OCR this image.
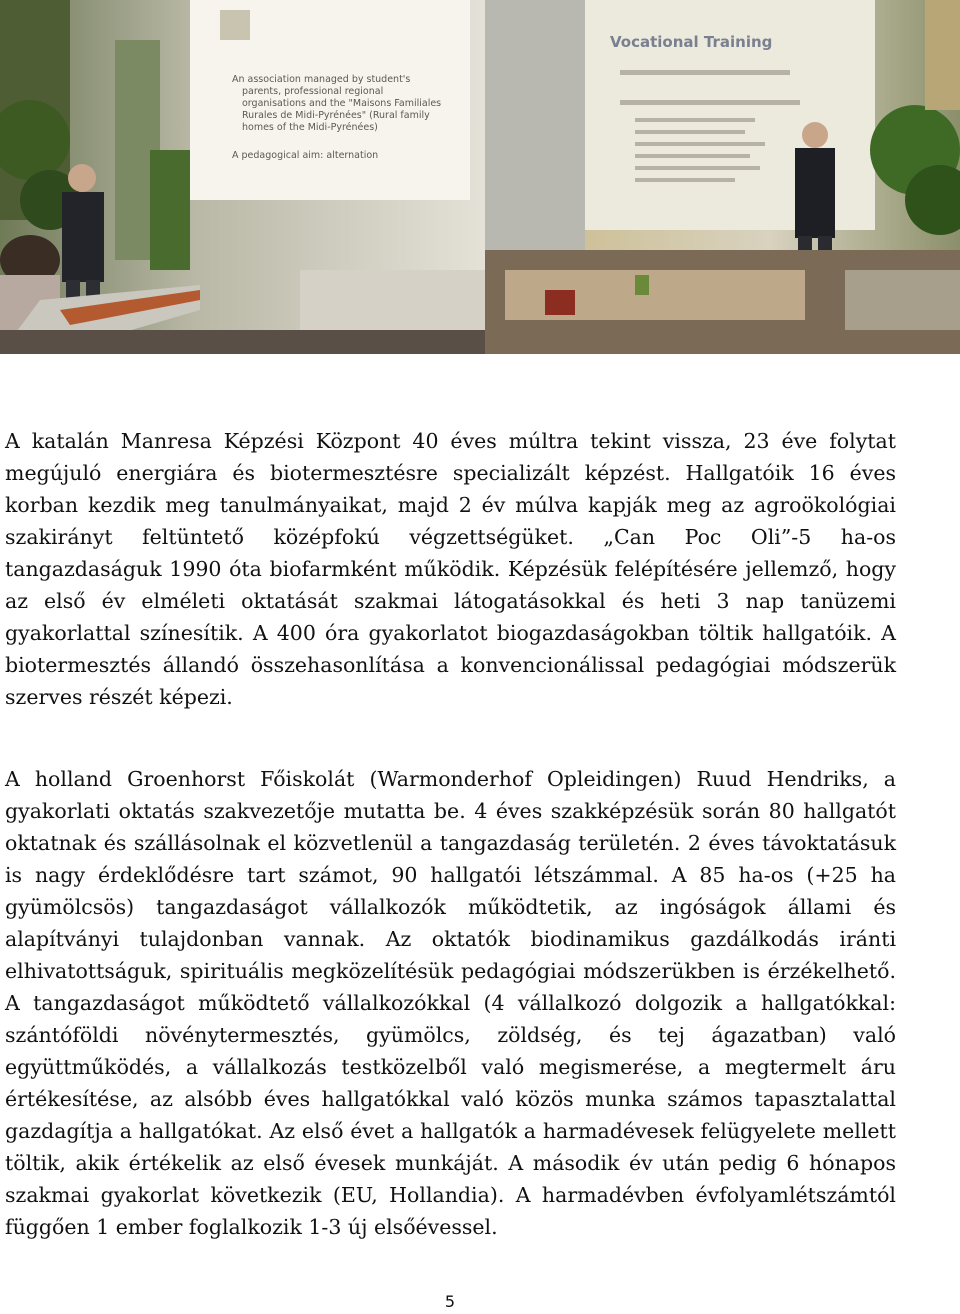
An association managed by student's
parents, professional regional
organisations and the "Maisons Familiales
Rurales de Midi-Pyrénées" (Rural family
homes of the Midi-Pyrénées)
A pedagogical aim: alternation
Vocational Training

A katalán Manresa Képzési Központ 40 éves múltra tekint vissza, 23 éve folytat megújuló energiára és biotermesztésre specializált képzést. Hallgatóik 16 éves korban kezdik meg tanulmányaikat, majd 2 év múlva kapják meg az agroökológiai szakirányt feltüntető középfokú végzettségüket. „Can Poc Oli”-5 ha-os tangazdaságuk 1990 óta biofarmként működik. Képzésük felépítésére jellemző, hogy az első év elméleti oktatását szakmai látogatásokkal és heti 3 nap tanüzemi gyakorlattal színesítik. A 400 óra gyakorlatot biogazdaságokban töltik hallgatóik. A biotermesztés állandó összehasonlítása a konvencionálissal pedagógiai módszerük szerves részét képezi.

A holland Groenhorst Főiskolát (Warmonderhof Opleidingen) Ruud Hendriks, a gyakorlati oktatás szakvezetője mutatta be. 4 éves szakképzésük során 80 hallgatót oktatnak és szállásolnak el közvetlenül a tangazdaság területén. 2 éves távoktatásuk is nagy érdeklődésre tart számot, 90 hallgatói létszámmal. A 85 ha-os (+25 ha gyümölcsös) tangazdaságot vállalkozók működtetik, az ingóságok állami és alapítványi tulajdonban vannak. Az oktatók biodinamikus gazdálkodás iránti elhivatottságuk, spirituális megközelítésük pedagógiai módszerükben is érzékelhető. A tangazdaságot működtető vállalkozókkal (4 vállalkozó dolgozik a hallgatókkal: szántóföldi növénytermesztés, gyümölcs, zöldség, és tej ágazatban) való együttműködés, a vállalkozás testközelből való megismerése, a megtermelt áru értékesítése, az alsóbb éves hallgatókkal való közös munka számos tapasztalattal gazdagítja a hallgatókat. Az első évet a hallgatók a harmadévesek felügyelete mellett töltik, akik értékelik az első évesek munkáját. A második év után pedig 6 hónapos szakmai gyakorlat következik (EU, Hollandia). A harmadévben évfolyamlétszámtól függően 1 ember foglalkozik 1-3 új elsőévessel.

5
